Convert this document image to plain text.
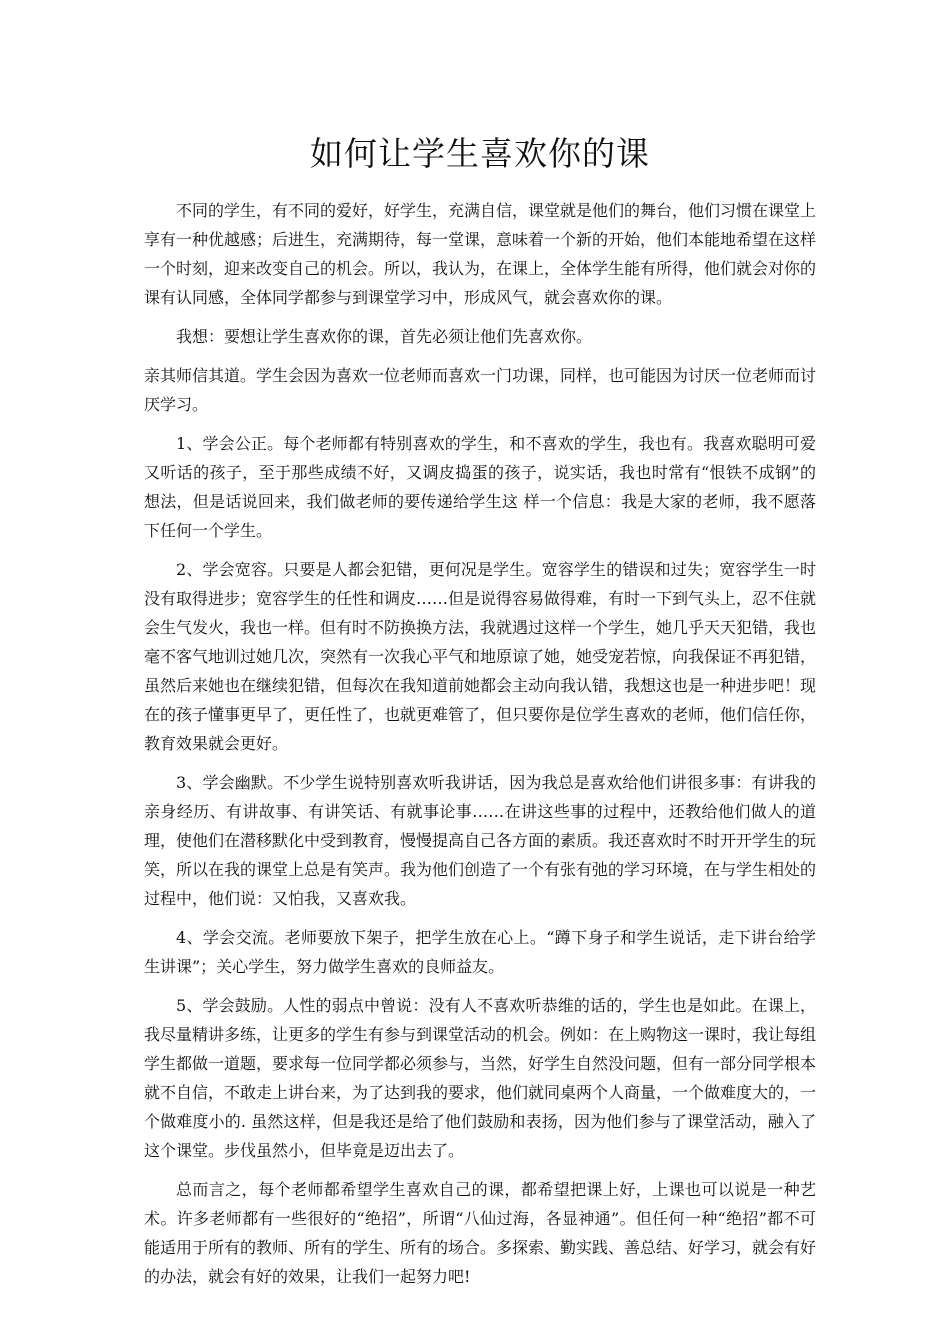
如何让学生喜欢你的课

不同的学生，有不同的爱好，好学生，充满自信，课堂就是他们的舞台，他们习惯在课堂上享有一种优越感；后进生，充满期待，每一堂课，意味着一个新的开始，他们本能地希望在这样一个时刻，迎来改变自己的机会。所以，我认为，在课上，全体学生能有所得，他们就会对你的课有认同感，全体同学都参与到课堂学习中，形成风气，就会喜欢你的课。

我想：要想让学生喜欢你的课，首先必须让他们先喜欢你。

亲其师信其道。学生会因为喜欢一位老师而喜欢一门功课，同样，也可能因为讨厌一位老师而讨厌学习。

1、学会公正。每个老师都有特别喜欢的学生，和不喜欢的学生，我也有。我喜欢聪明可爱又听话的孩子，至于那些成绩不好，又调皮捣蛋的孩子，说实话，我也时常有“恨铁不成钢”的想法，但是话说回来，我们做老师的要传递给学生这 样一个信息：我是大家的老师，我不愿落下任何一个学生。

2、学会宽容。只要是人都会犯错，更何况是学生。宽容学生的错误和过失；宽容学生一时没有取得进步；宽容学生的任性和调皮……但是说得容易做得难，有时一下到气头上，忍不住就会生气发火，我也一样。但有时不防换换方法，我就遇过这样一个学生，她几乎天天犯错，我也毫不客气地训过她几次，突然有一次我心平气和地原谅了她，她受宠若惊，向我保证不再犯错，虽然后来她也在继续犯错，但每次在我知道前她都会主动向我认错，我想这也是一种进步吧！现在的孩子懂事更早了，更任性了，也就更难管了，但只要你是位学生喜欢的老师，他们信任你，教育效果就会更好。

3、学会幽默。不少学生说特别喜欢听我讲话，因为我总是喜欢给他们讲很多事：有讲我的亲身经历、有讲故事、有讲笑话、有就事论事……在讲这些事的过程中，还教给他们做人的道理，使他们在潜移默化中受到教育，慢慢提高自己各方面的素质。我还喜欢时不时开开学生的玩笑，所以在我的课堂上总是有笑声。我为他们创造了一个有张有弛的学习环境，在与学生相处的过程中，他们说：又怕我，又喜欢我。

4、学会交流。老师要放下架子，把学生放在心上。“蹲下身子和学生说话，走下讲台给学生讲课”；关心学生，努力做学生喜欢的良师益友。

5、学会鼓励。人性的弱点中曾说：没有人不喜欢听恭维的话的，学生也是如此。在课上，我尽量精讲多练，让更多的学生有参与到课堂活动的机会。例如：在上购物这一课时，我让每组学生都做一道题，要求每一位同学都必须参与，当然，好学生自然没问题，但有一部分同学根本就不自信，不敢走上讲台来，为了达到我的要求，他们就同桌两个人商量，一个做难度大的，一个做难度小的. 虽然这样，但是我还是给了他们鼓励和表扬，因为他们参与了课堂活动，融入了这个课堂。步伐虽然小，但毕竟是迈出去了。

总而言之，每个老师都希望学生喜欢自己的课，都希望把课上好，上课也可以说是一种艺术。许多老师都有一些很好的“绝招”，所谓“八仙过海，各显神通”。但任何一种“绝招”都不可能适用于所有的教师、所有的学生、所有的场合。多探索、勤实践、善总结、好学习，就会有好的办法，就会有好的效果，让我们一起努力吧!
